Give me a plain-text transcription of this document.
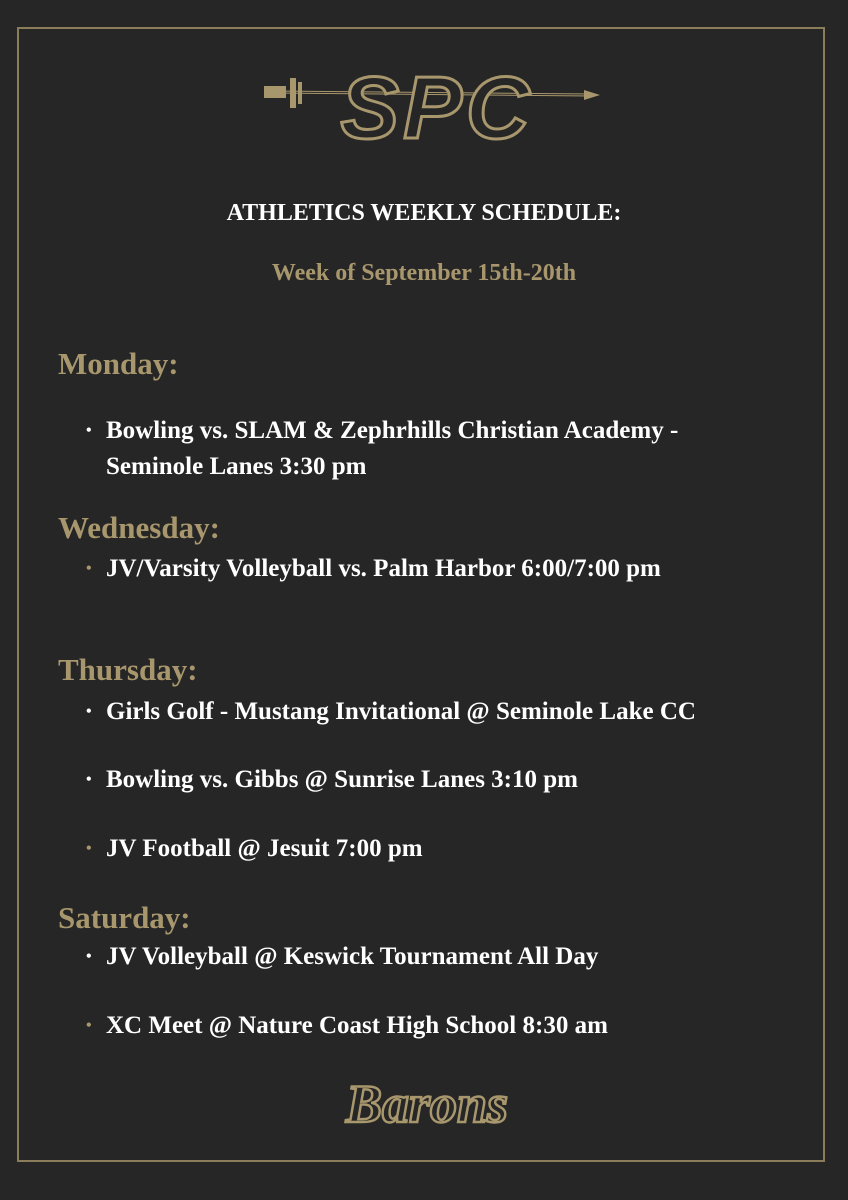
SPC
ATHLETICS WEEKLY SCHEDULE:
Week of September 15th-20th
Monday:
• Bowling vs. SLAM & Zephrhills Christian Academy -
Seminole Lanes 3:30 pm
Wednesday:
• JV/Varsity Volleyball vs. Palm Harbor 6:00/7:00 pm
Thursday:
• Girls Golf - Mustang Invitational @ Seminole Lake CC
• Bowling vs. Gibbs @ Sunrise Lanes 3:10 pm
• JV Football @ Jesuit 7:00 pm
Saturday:
• JV Volleyball @ Keswick Tournament All Day
• XC Meet @ Nature Coast High School 8:30 am
Barons
